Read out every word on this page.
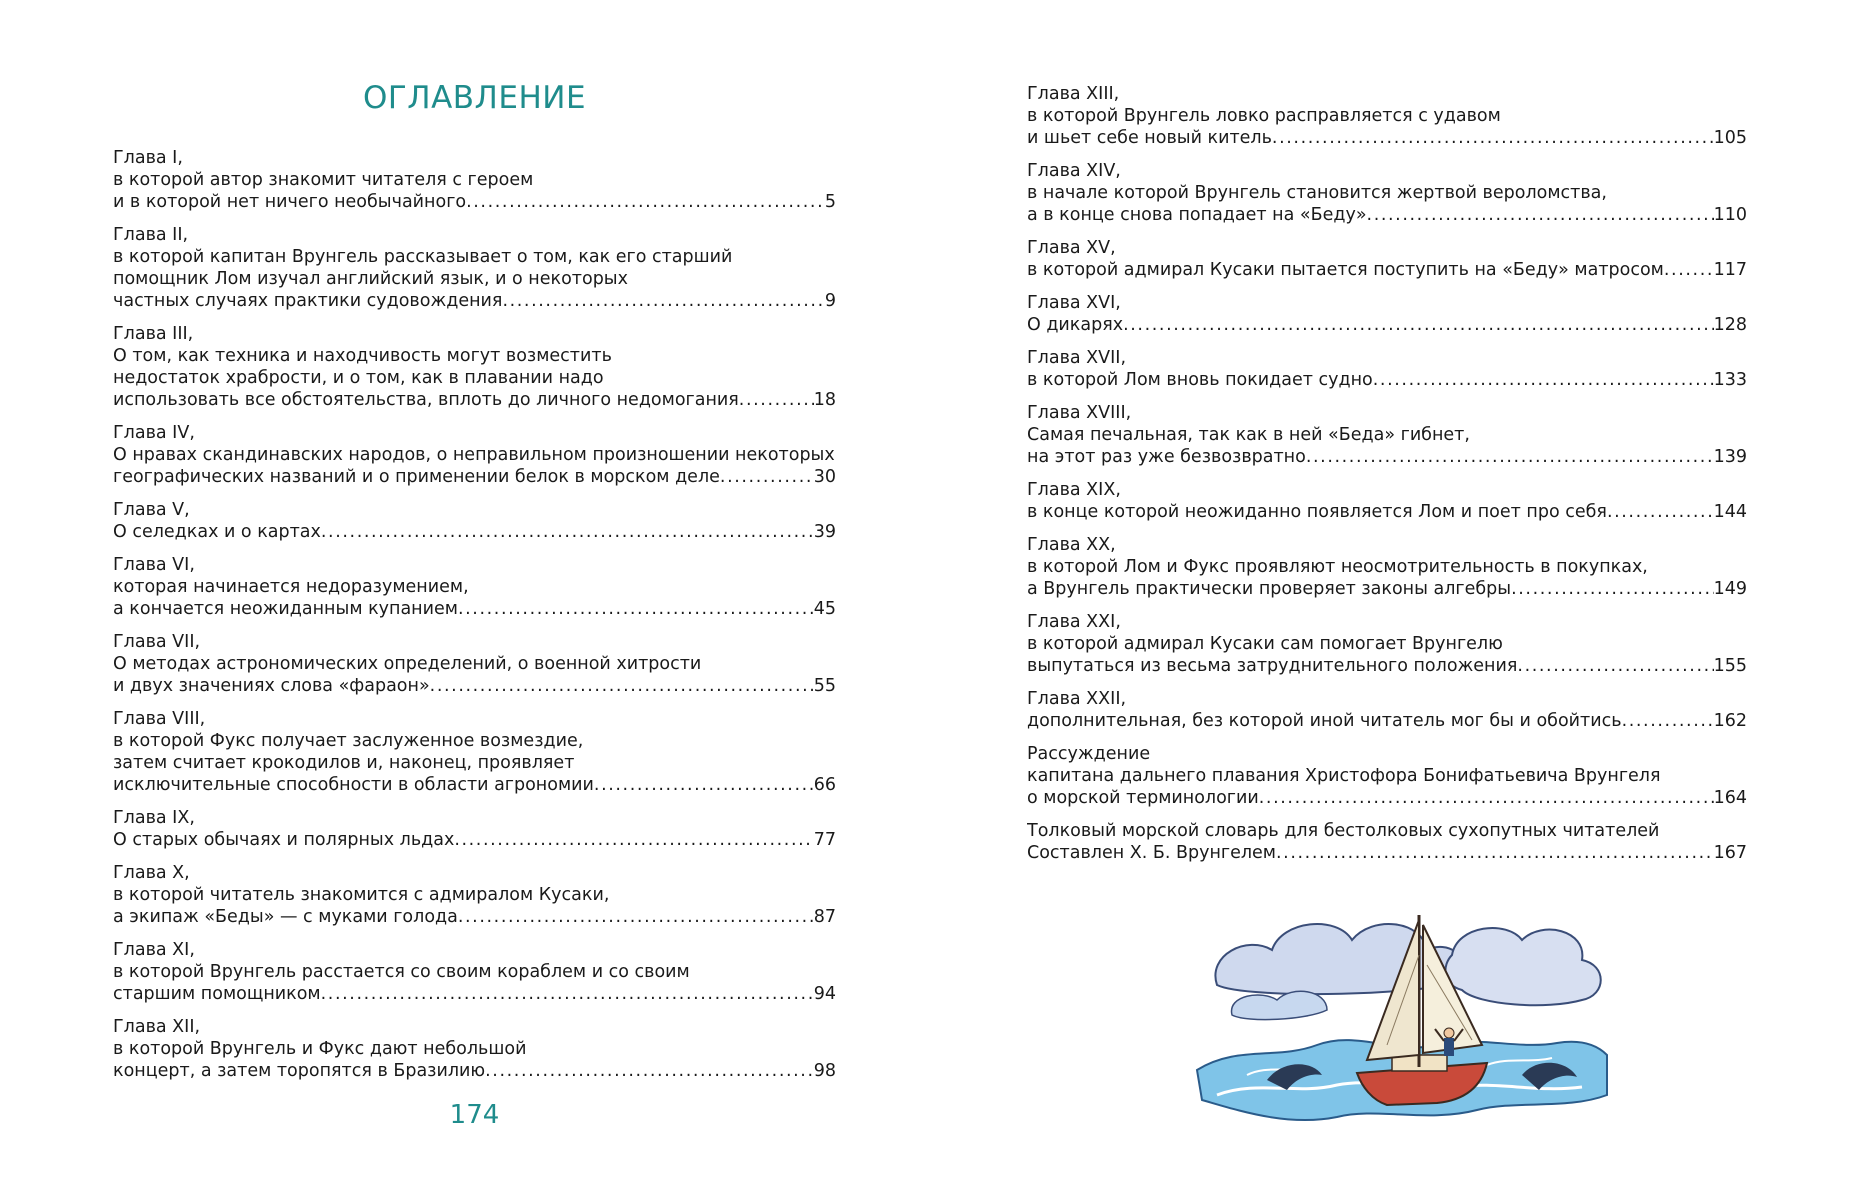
ОГЛАВЛЕНИЕ
Глава I,
в которой автор знакомит читателя с героем
и в которой нет ничего необычайного .....	5
Глава II,
в которой капитан Врунгель рассказывает о том, как его старший
помощник Лом изучал английский язык, и о некоторых
частных случаях практики судовождения .....	9
Глава III,
О том, как техника и находчивость могут возместить
недостаток храбрости, и о том, как в плавании надо
использовать все обстоятельства, вплоть до личного недомогания .....	18
Глава IV,
О нравах скандинавских народов, о неправильном произношении некоторых
географических названий и о применении белок в морском деле .....	30
Глава V,
О селедках и о картах .....	39
Глава VI,
которая начинается недоразумением,
а кончается неожиданным купанием .....	45
Глава VII,
О методах астрономических определений, о военной хитрости
и двух значениях слова «фараон» .....	55
Глава VIII,
в которой Фукс получает заслуженное возмездие,
затем считает крокодилов и, наконец, проявляет
исключительные способности в области агрономии .....	66
Глава IX,
О старых обычаях и полярных льдах .....	77
Глава X,
в которой читатель знакомится с адмиралом Кусаки,
а экипаж «Беды» — с муками голода .....	87
Глава XI,
в которой Врунгель расстается со своим кораблем и со своим
старшим помощником .....	94
Глава XII,
в которой Врунгель и Фукс дают небольшой
концерт, а затем торопятся в Бразилию .....	98
174
Глава XIII,
в которой Врунгель ловко расправляется с удавом
и шьет себе новый китель .....	105
Глава XIV,
в начале которой Врунгель становится жертвой вероломства,
а в конце снова попадает на «Беду» .....	110
Глава XV,
в которой адмирал Кусаки пытается поступить на «Беду» матросом .....	117
Глава XVI,
О дикарях .....	128
Глава XVII,
в которой Лом вновь покидает судно .....	133
Глава XVIII,
Самая печальная, так как в ней «Беда» гибнет,
на этот раз уже безвозвратно .....	139
Глава XIX,
в конце которой неожиданно появляется Лом и поет про себя .....	144
Глава XX,
в которой Лом и Фукс проявляют неосмотрительность в покупках,
а Врунгель практически проверяет законы алгебры .....	149
Глава XXI,
в которой адмирал Кусаки сам помогает Врунгелю
выпутаться из весьма затруднительного положения .....	155
Глава XXII,
дополнительная, без которой иной читатель мог бы и обойтись .....	162
Рассуждение
капитана дальнего плавания Христофора Бонифатьевича Врунгеля
о морской терминологии .....	164
Толковый морской словарь для бестолковых сухопутных читателей
Составлен Х. Б. Врунгелем .....	167
